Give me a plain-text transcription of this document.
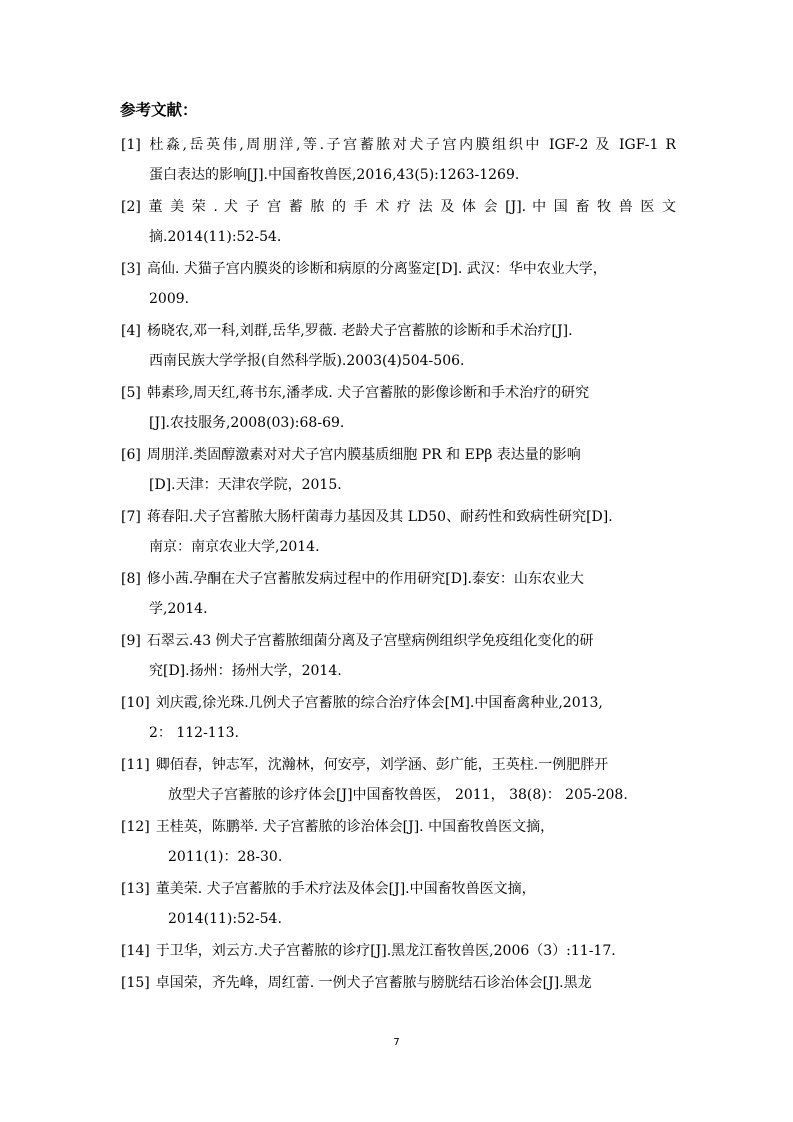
参考文献：
[1] 杜淼,岳英伟,周朋洋,等.子宫蓄脓对犬子宫内膜组织中 IGF-2 及 IGF-1 R
蛋白表达的影响[J].中国畜牧兽医,2016,43(5):1263-1269.
[2] 董 美 荣 . 犬 子 宫 蓄 脓 的 手 术 疗 法 及 体 会 [J]. 中 国 畜 牧 兽 医 文
摘.2014(11):52-54.
[3] 高仙. 犬猫子宫内膜炎的诊断和病原的分离鉴定[D]. 武汉：华中农业大学，
2009.
[4] 杨晓农,邓一科,刘群,岳华,罗薇. 老龄犬子宫蓄脓的诊断和手术治疗[J].
西南民族大学学报(自然科学版).2003(4)504-506.
[5] 韩素珍,周天红,蒋书东,潘孝成. 犬子宫蓄脓的影像诊断和手术治疗的研究
[J].农技服务,2008(03):68-69.
[6] 周朋洋.类固醇激素对对犬子宫内膜基质细胞 PR 和 EPβ 表达量的影响
[D].天津：天津农学院，2015.
[7] 蒋春阳.犬子宫蓄脓大肠杆菌毒力基因及其 LD50、耐药性和致病性研究[D].
南京：南京农业大学,2014.
[8] 修小茜.孕酮在犬子宫蓄脓发病过程中的作用研究[D].泰安：山东农业大
学,2014.
[9] 石翠云.43 例犬子宫蓄脓细菌分离及子宫壁病例组织学免疫组化变化的研
究[D].扬州：扬州大学，2014.
[10] 刘庆霞,徐光珠.几例犬子宫蓄脓的综合治疗体会[M].中国畜禽种业,2013,
2： 112-113.
[11] 卿佰春，钟志军，沈瀚林，何安亭，刘学涵、彭广能，王英柱.一例肥胖开
放型犬子宫蓄脓的诊疗体会[J]中国畜牧兽医， 2011， 38(8)： 205-208.
[12] 王桂英，陈鹏举. 犬子宫蓄脓的诊治体会[J]. 中国畜牧兽医文摘，
2011(1)：28-30.
[13] 董美荣. 犬子宫蓄脓的手术疗法及体会[J].中国畜牧兽医文摘，
2014(11):52-54.
[14] 于卫华，刘云方.犬子宫蓄脓的诊疗[J].黑龙江畜牧兽医,2006（3）:11-17.
[15] 卓国荣，齐先峰，周红蕾. 一例犬子宫蓄脓与膀胱结石诊治体会[J].黑龙
7
